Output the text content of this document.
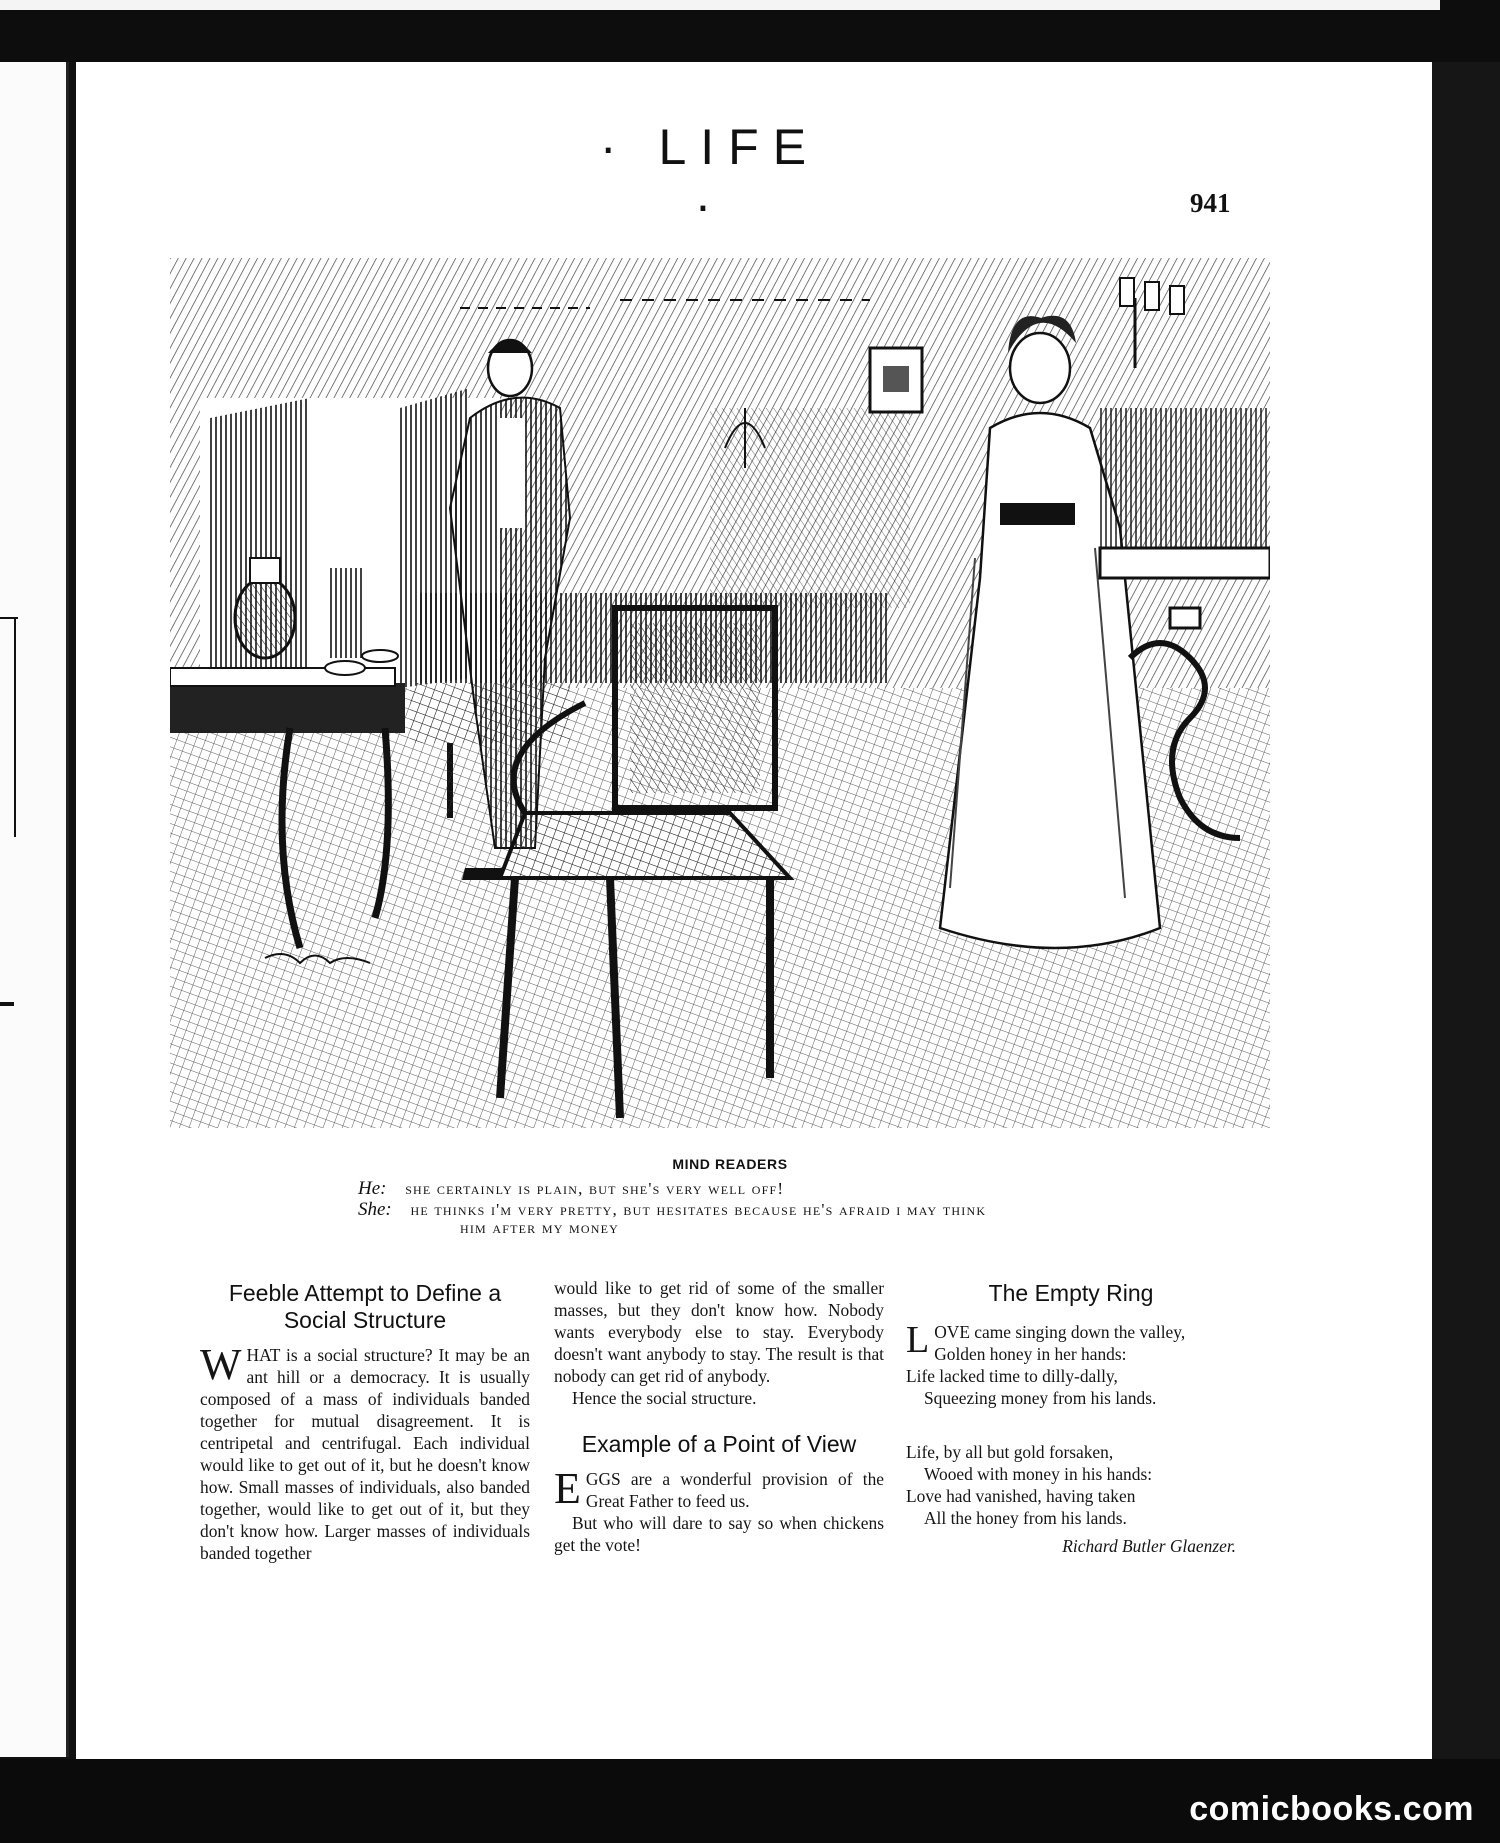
· LIFE ·	941
MIND READERS
He: she certainly is plain, but she's very well off!
She: he thinks i'm very pretty, but hesitates because he's afraid i may think
him after my money
Feeble Attempt to Define a
Social Structure

WHAT is a social structure? It may be an ant hill or a democracy. It is usually composed of a mass of individuals banded together for mutual disagreement. It is centripetal and centrifugal. Each individual would like to get out of it, but he doesn't know how. Small masses of individuals, also banded together, would like to get out of it, but they don't know how. Larger masses of individuals banded together

would like to get rid of some of the smaller masses, but they don't know how. Nobody wants everybody else to stay. Everybody doesn't want anybody to stay. The result is that nobody can get rid of anybody.

Hence the social structure.

Example of a Point of View

EGGS are a wonderful provision of the Great Father to feed us.

But who will dare to say so when chickens get the vote!

The Empty Ring
LOVE came singing down the valley,
Golden honey in her hands:
Life lacked time to dilly-dally,
Squeezing money from his lands.
Life, by all but gold forsaken,
Wooed with money in his hands:
Love had vanished, having taken
All the honey from his lands.
Richard Butler Glaenzer.
comicbooks.com
